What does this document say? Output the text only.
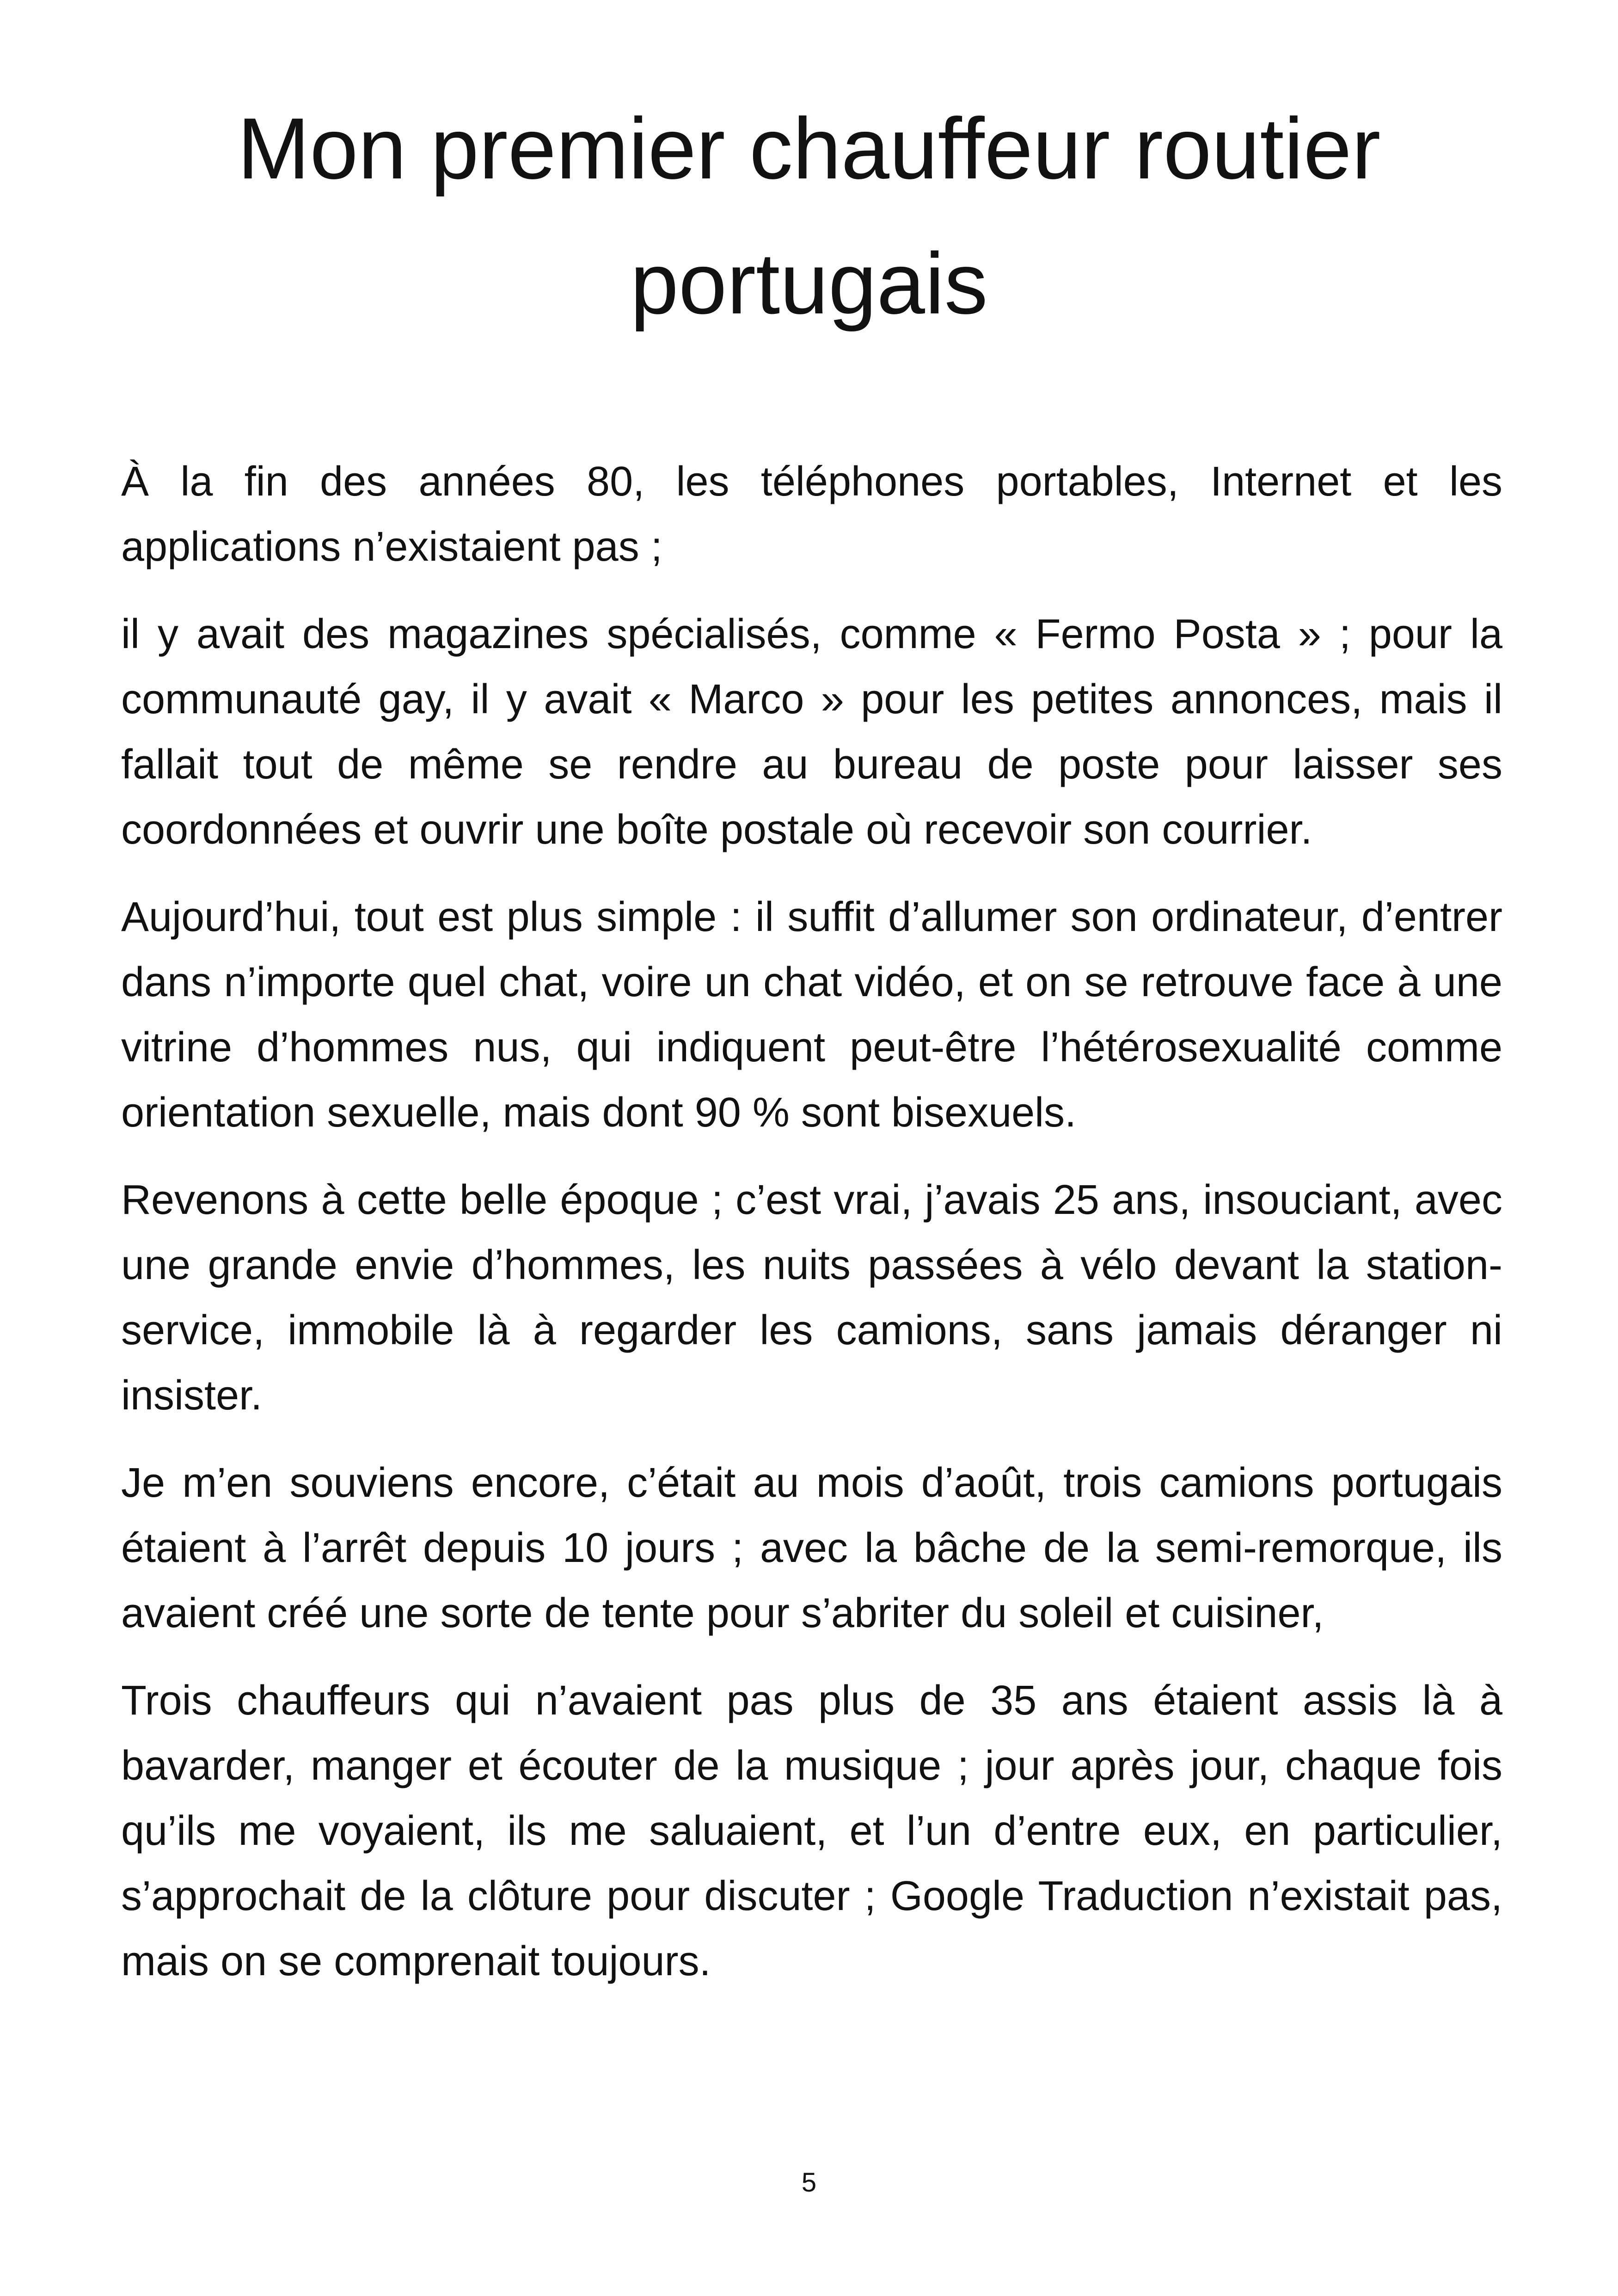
Mon premier chauffeur routier portugais

À la fin des années 80, les téléphones portables, Internet et les applications n’existaient pas ;

il y avait des magazines spécialisés, comme « Fermo Posta » ; pour la communauté gay, il y avait « Marco » pour les petites annonces, mais il fallait tout de même se rendre au bureau de poste pour laisser ses coordonnées et ouvrir une boîte postale où recevoir son courrier.

Aujourd’hui, tout est plus simple : il suffit d’allumer son ordinateur, d’entrer dans n’importe quel chat, voire un chat vidéo, et on se retrouve face à une vitrine d’hommes nus, qui indiquent peut-être l’hétérosexualité comme orientation sexuelle, mais dont 90 % sont bisexuels.

Revenons à cette belle époque ; c’est vrai, j’avais 25 ans, insouciant, avec une grande envie d’hommes, les nuits passées à vélo devant la station-service, immobile là à regarder les camions, sans jamais déranger ni insister.

Je m’en souviens encore, c’était au mois d’août, trois camions portugais étaient à l’arrêt depuis 10 jours ; avec la bâche de la semi-remorque, ils avaient créé une sorte de tente pour s’abriter du soleil et cuisiner,

Trois chauffeurs qui n’avaient pas plus de 35 ans étaient assis là à bavarder, manger et écouter de la musique ; jour après jour, chaque fois qu’ils me voyaient, ils me saluaient, et l’un d’entre eux, en particulier, s’approchait de la clôture pour discuter ; Google Traduction n’existait pas, mais on se comprenait toujours.

5
